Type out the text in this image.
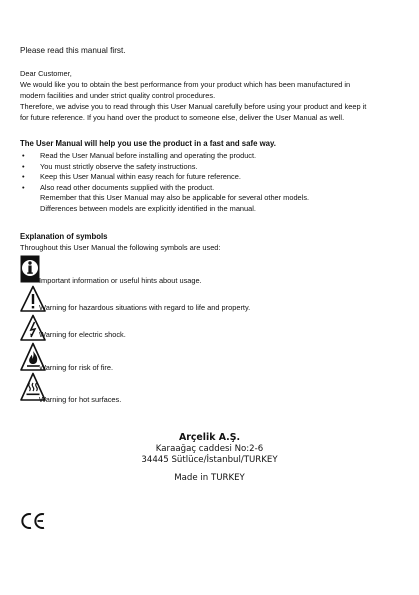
Please read this manual first.
Dear Customer,
We would like you to obtain the best performance from your product which has been manufactured in
modern facilities and under strict quality control procedures.
Therefore, we advise you to read through this User Manual carefully before using your product and keep it
for future reference. If you hand over the product to someone else, deliver the User Manual as well.
The User Manual will help you use the product in a fast and safe way.
• Read the User Manual before installing and operating the product.
• You must strictly observe the safety instructions.
• Keep this User Manual within easy reach for future reference.
• Also read other documents supplied with the product.
Remember that this User Manual may also be applicable for several other models.
Differences between models are explicitly identified in the manual.
Explanation of symbols
Throughout this User Manual the following symbols are used:
Important information or useful hints about usage.
Warning for hazardous situations with regard to life and property.
Warning for electric shock.
Warning for risk of fire.
Warning for hot surfaces.
Arçelik A.Ş.
Karaağaç caddesi No:2-6
34445 Sütlüce/İstanbul/TURKEY
Made in TURKEY
